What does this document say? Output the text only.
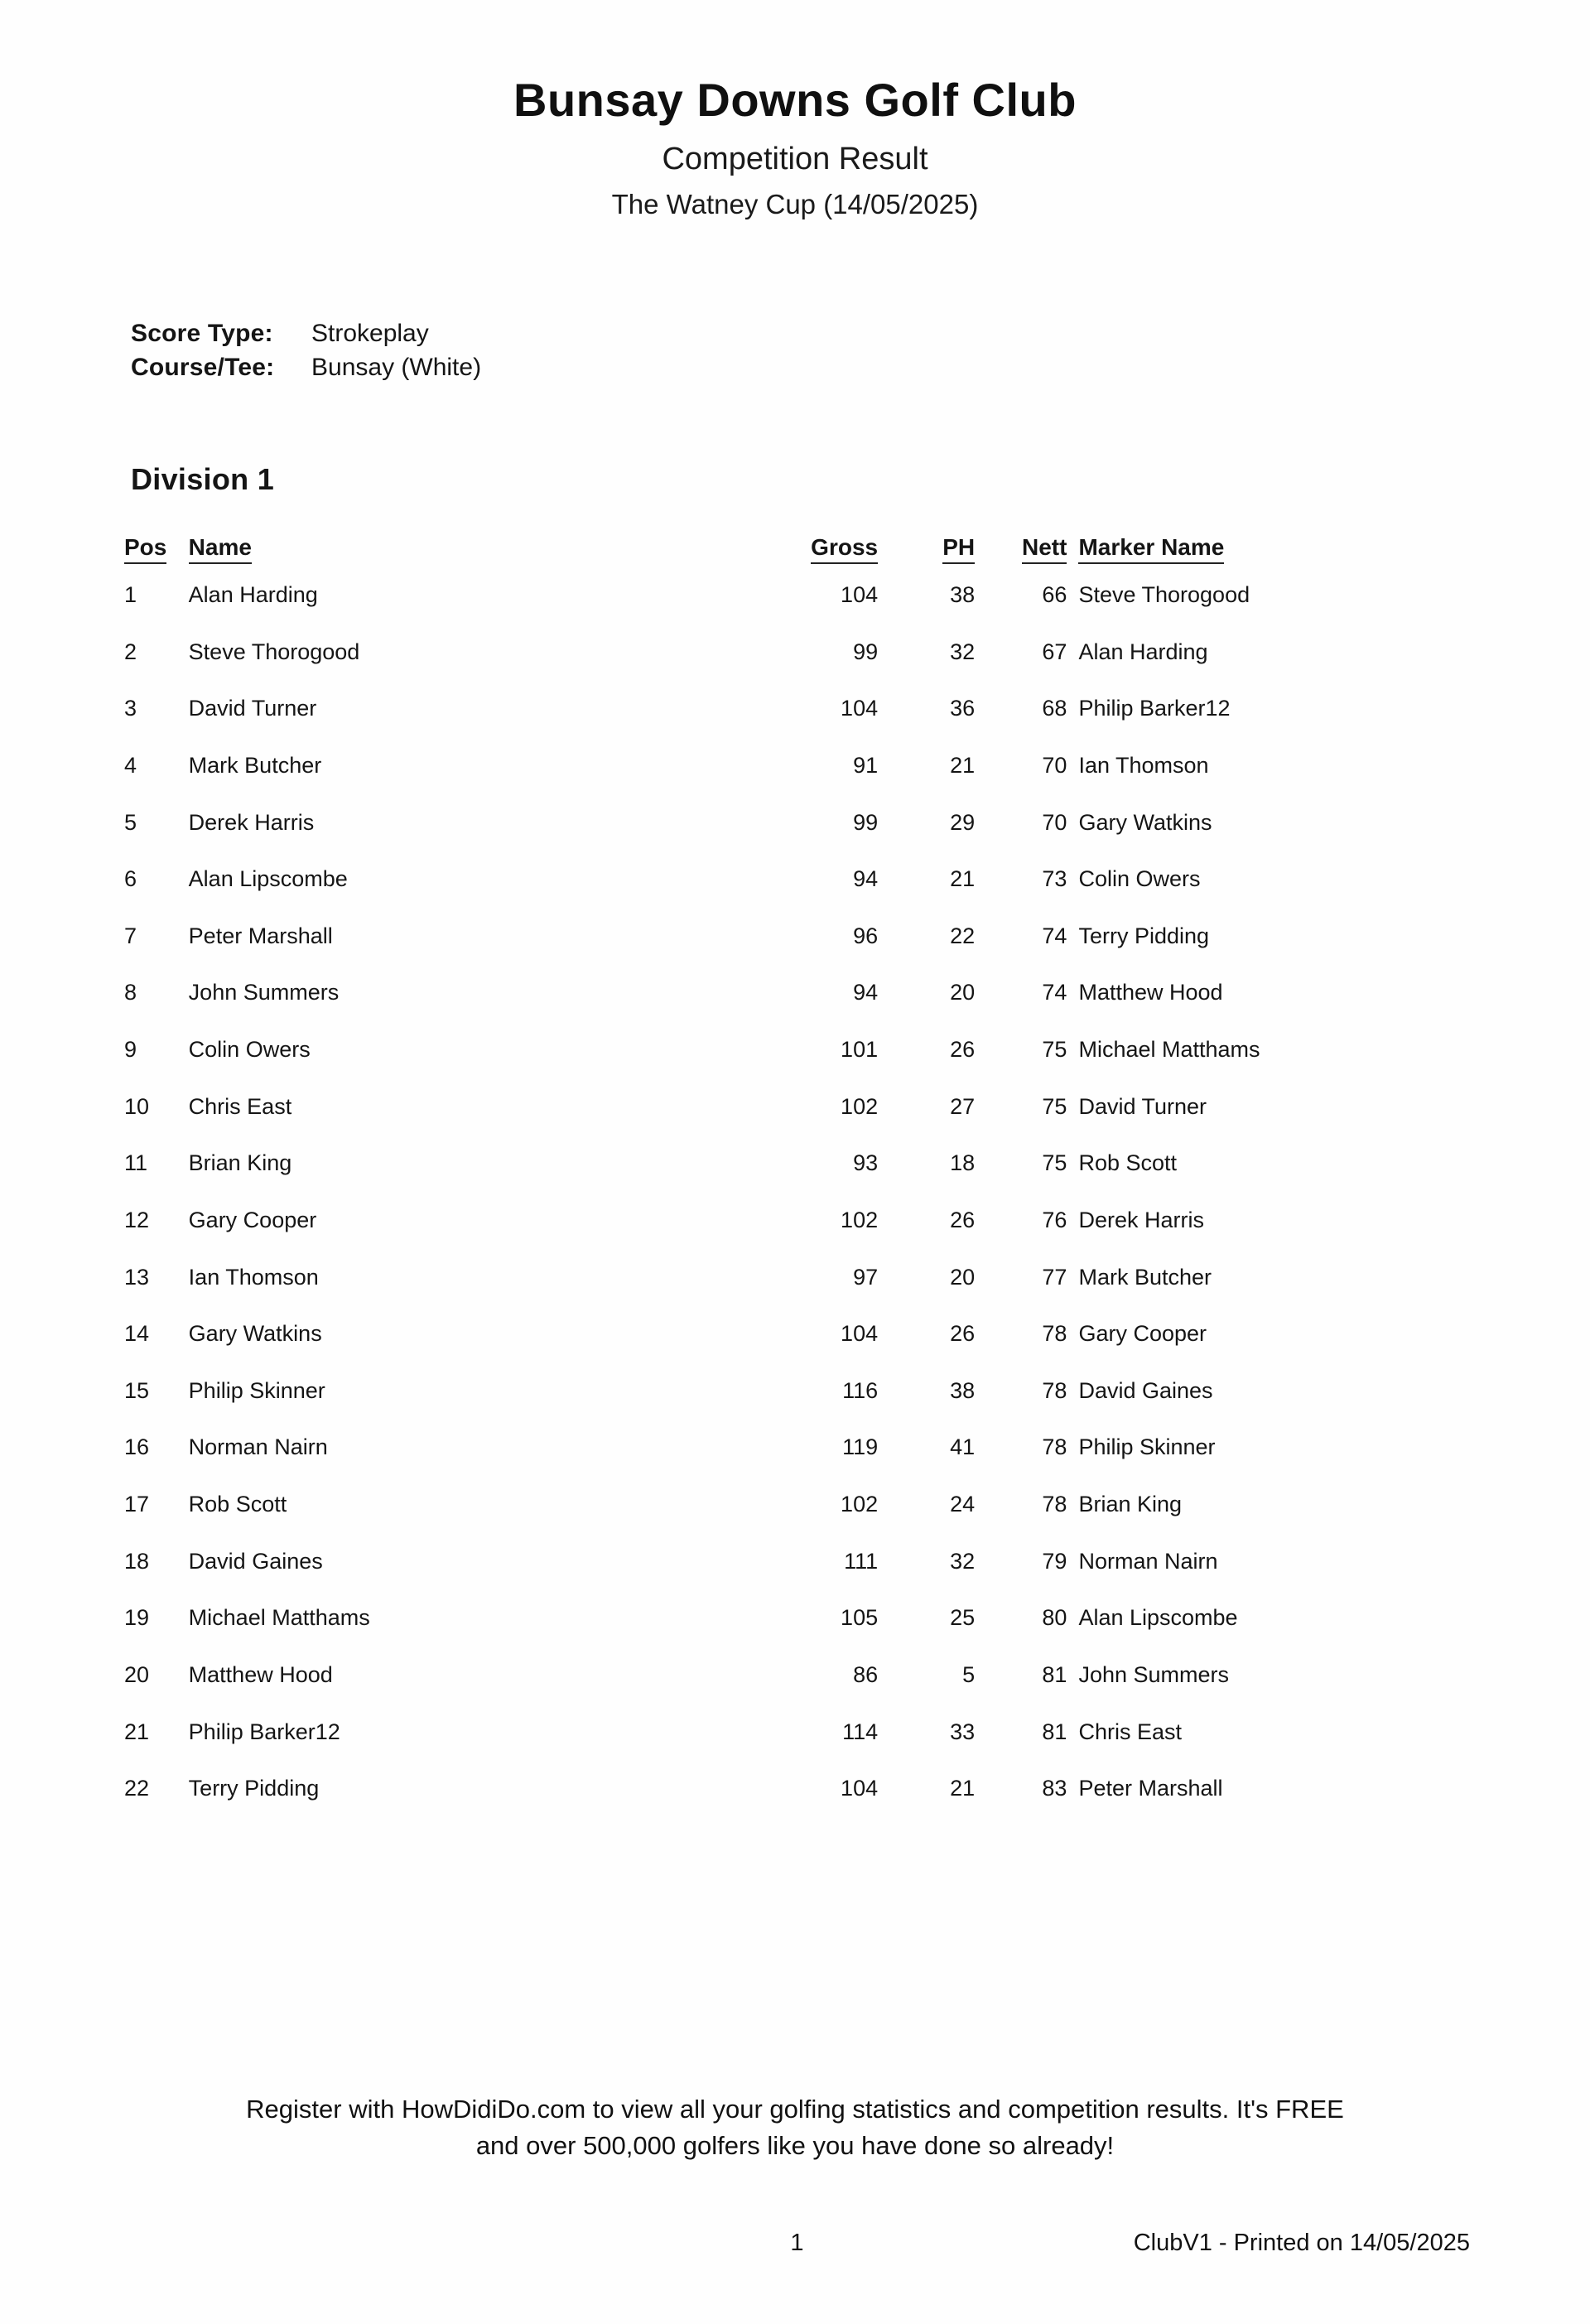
Bunsay Downs Golf Club
Competition Result
The Watney Cup (14/05/2025)
Score Type:	Strokeplay
Course/Tee:	Bunsay (White)
Division 1
Pos	Name	Gross	PH	Nett	Marker Name
1	Alan Harding	104	38	66	Steve Thorogood
2	Steve Thorogood	99	32	67	Alan Harding
3	David Turner	104	36	68	Philip Barker12
4	Mark Butcher	91	21	70	Ian Thomson
5	Derek Harris	99	29	70	Gary Watkins
6	Alan Lipscombe	94	21	73	Colin Owers
7	Peter Marshall	96	22	74	Terry Pidding
8	John Summers	94	20	74	Matthew Hood
9	Colin Owers	101	26	75	Michael Matthams
10	Chris East	102	27	75	David Turner
11	Brian King	93	18	75	Rob Scott
12	Gary Cooper	102	26	76	Derek Harris
13	Ian Thomson	97	20	77	Mark Butcher
14	Gary Watkins	104	26	78	Gary Cooper
15	Philip Skinner	116	38	78	David Gaines
16	Norman Nairn	119	41	78	Philip Skinner
17	Rob Scott	102	24	78	Brian King
18	David Gaines	111	32	79	Norman Nairn
19	Michael Matthams	105	25	80	Alan Lipscombe
20	Matthew Hood	86	5	81	John Summers
21	Philip Barker12	114	33	81	Chris East
22	Terry Pidding	104	21	83	Peter Marshall
Register with HowDidiDo.com to view all your golfing statistics and competition results. It's FREE
and over 500,000 golfers like you have done so already!
1	ClubV1 - Printed on 14/05/2025
